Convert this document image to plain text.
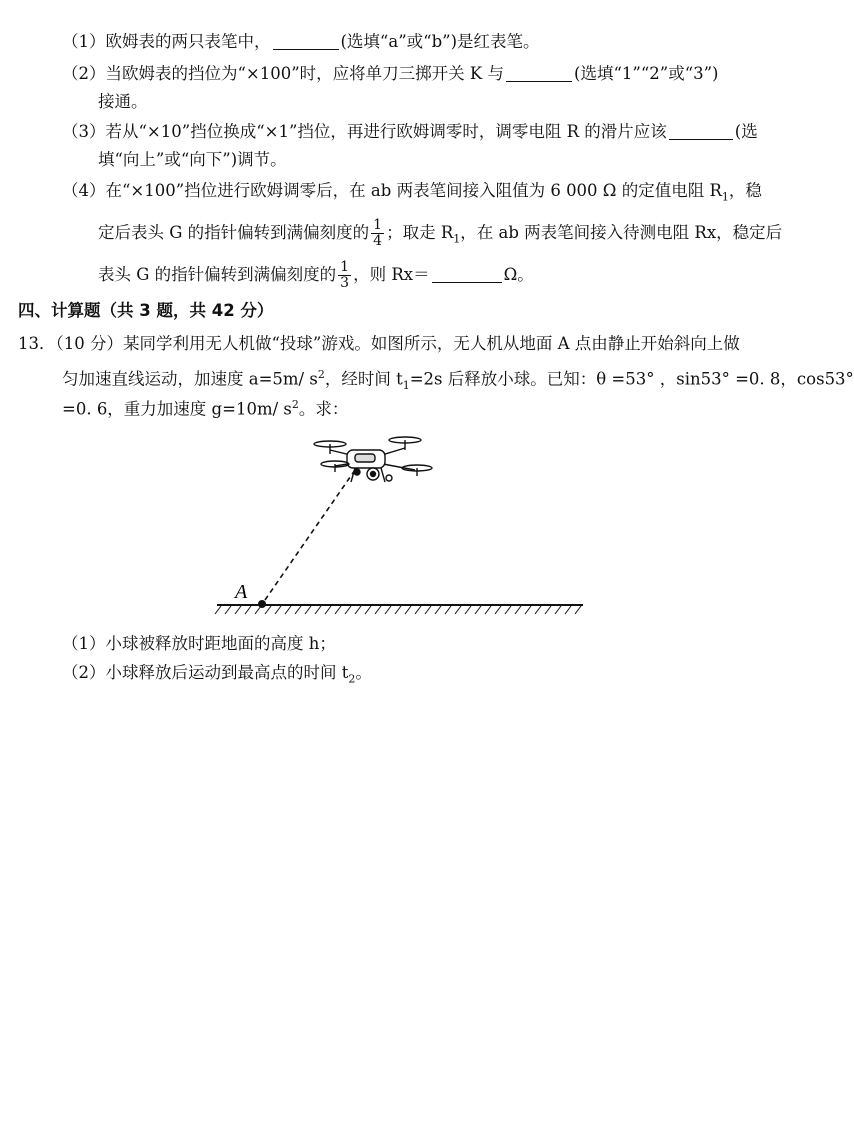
（1）欧姆表的两只表笔中，	(选填“a”或“b”)是红表笔。
（2）当欧姆表的挡位为“×100”时，应将单刀三掷开关 K 与	(选填“1”“2”或“3”)
接通。
（3）若从“×10”挡位换成“×1”挡位，再进行欧姆调零时，调零电阻 R 的滑片应该	(选
填“向上”或“向下”)调节。
（4）在“×100”挡位进行欧姆调零后，在 ab 两表笔间接入阻值为 6 000 Ω 的定值电阻 $R_1$，稳
定后表头 G 的指针偏转到满偏刻度的 $\frac{1}{4}$ ；取走 $R_1$，在 ab 两表笔间接入待测电阻 Rx，稳定后
表头 G 的指针偏转到满偏刻度的 $\frac{1}{3}$ ，则 Rx＝	Ω。
四、计算题（共 3 题，共 42 分）
13．（10 分）某同学利用无人机做“投球”游戏。如图所示，无人机从地面 A 点由静止开始斜向上做
匀加速直线运动，加速度 a=5m/ $s^2$，经时间 $t_1=2s$ 后释放小球。已知：θ =53° ，sin53° =0. 8，cos53°
=0. 6，重力加速度 g=10m/ $s^2$。求：
A
（1）小球被释放时距地面的高度 h；
（2）小球释放后运动到最高点的时间 $t_2$。
